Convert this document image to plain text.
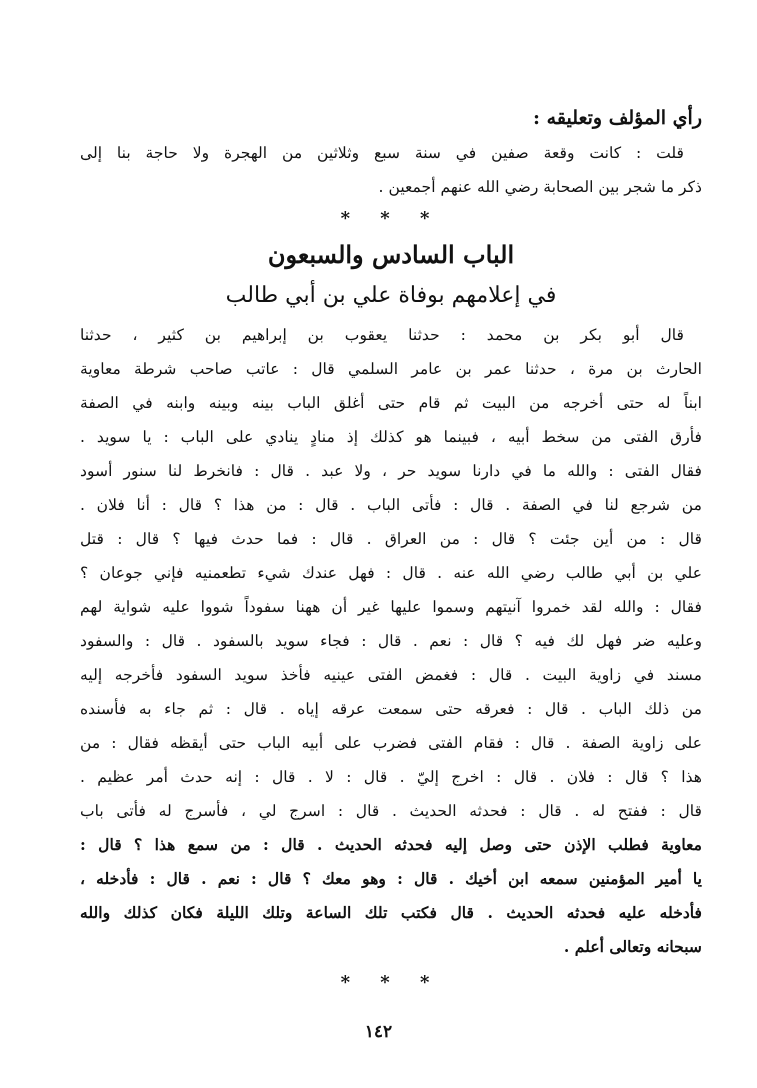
رأي المؤلف وتعليقه :
قلت : كانت وقعة صفين في سنة سبع وثلاثين من الهجرة ولا حاجة بنا إلى
ذكر ما شجر بين الصحابة رضي الله عنهم أجمعين .
* * *
الباب السادس والسبعون
في إعلامهم بوفاة علي بن أبي طالب
قال أبو بكر بن محمد : حدثنا يعقوب بن إبراهيم بن كثير ، حدثنا
الحارث بن مرة ، حدثنا عمر بن عامر السلمي قال : عاتب صاحب شرطة معاوية
ابناً له حتى أخرجه من البيت ثم قام حتى أغلق الباب بينه وبينه وابنه في الصفة
فأرق الفتى من سخط أبيه ، فبينما هو كذلك إذ منادٍ ينادي على الباب : يا سويد .
فقال الفتى : والله ما في دارنا سويد حر ، ولا عبد . قال : فانخرط لنا سنور أسود
من شرجع لنا في الصفة . قال : فأتى الباب . قال : من هذا ؟ قال : أنا فلان .
قال : من أين جئت ؟ قال : من العراق . قال : فما حدث فيها ؟ قال : قتل
علي بن أبي طالب رضي الله عنه . قال : فهل عندك شيء تطعمنيه فإني جوعان ؟
فقال : والله لقد خمروا آنيتهم وسموا عليها غير أن ههنا سفوداً شووا عليه شواية لهم
وعليه ضر فهل لك فيه ؟ قال : نعم . قال : فجاء سويد بالسفود . قال : والسفود
مسند في زاوية البيت . قال : فغمض الفتى عينيه فأخذ سويد السفود فأخرجه إليه
من ذلك الباب . قال : فعرقه حتى سمعت عرقه إياه . قال : ثم جاء به فأسنده
على زاوية الصفة . قال : فقام الفتى فضرب على أبيه الباب حتى أيقظه فقال : من
هذا ؟ قال : فلان . قال : اخرج إليّ . قال : لا . قال : إنه حدث أمر عظيم .
قال : ففتح له . قال : فحدثه الحديث . قال : اسرج لي ، فأسرج له فأتى باب
معاوية فطلب الإذن حتى وصل إليه فحدثه الحديث . قال : من سمع هذا ؟ قال :
يا أمير المؤمنين سمعه ابن أخيك . قال : وهو معك ؟ قال : نعم . قال : فأدخله ،
فأدخله عليه فحدثه الحديث . قال فكتب تلك الساعة وتلك الليلة فكان كذلك والله
سبحانه وتعالى أعلم .
* * *
١٤٢
